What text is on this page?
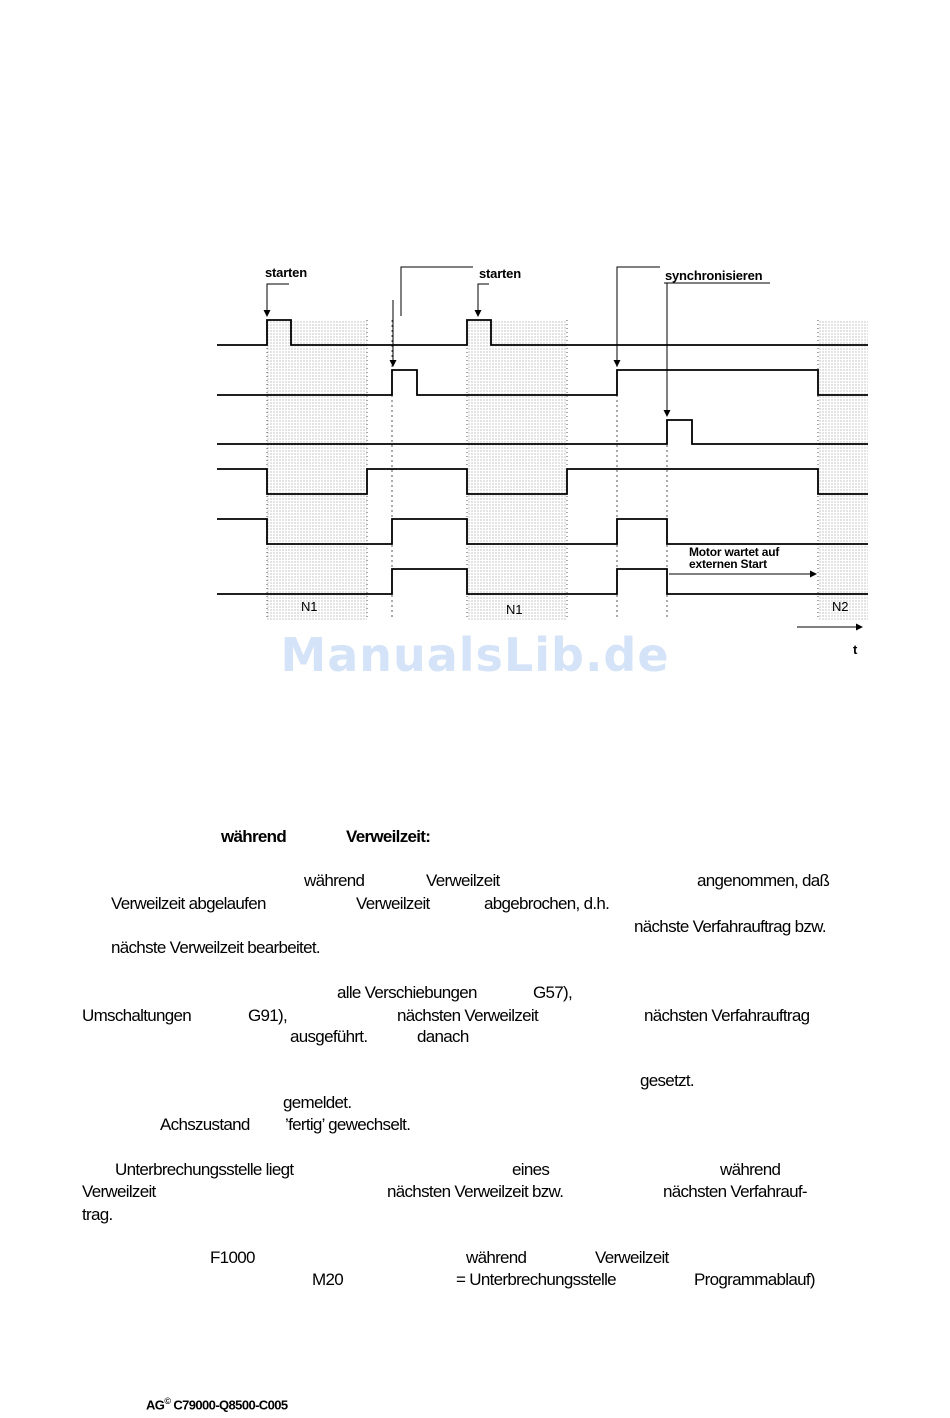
starten	starten	synchronisieren
Motor wartet auf
externen Start
N1	N1	N2
t
ManualsLib.de
während	Verweilzeit:
während	Verweilzeit	angenommen, daß
Verweilzeit abgelaufen	Verweilzeit	abgebrochen, d.h.
nächste Verfahrauftrag bzw.
nächste Verweilzeit bearbeitet.
alle Verschiebungen	G57),
Umschaltungen	G91),	nächsten Verweilzeit	nächsten Verfahrauftrag
ausgeführt.	danach
gesetzt.
gemeldet.
Achszustand ’fertig’ gewechselt.
Unterbrechungsstelle liegt	eines	während
Verweilzeit	nächsten Verweilzeit bzw.	nächsten Verfahrauf-
trag.
F1000	während	Verweilzeit
M20	= Unterbrechungsstelle	Programmablauf)
AG© C79000-Q8500-C005
